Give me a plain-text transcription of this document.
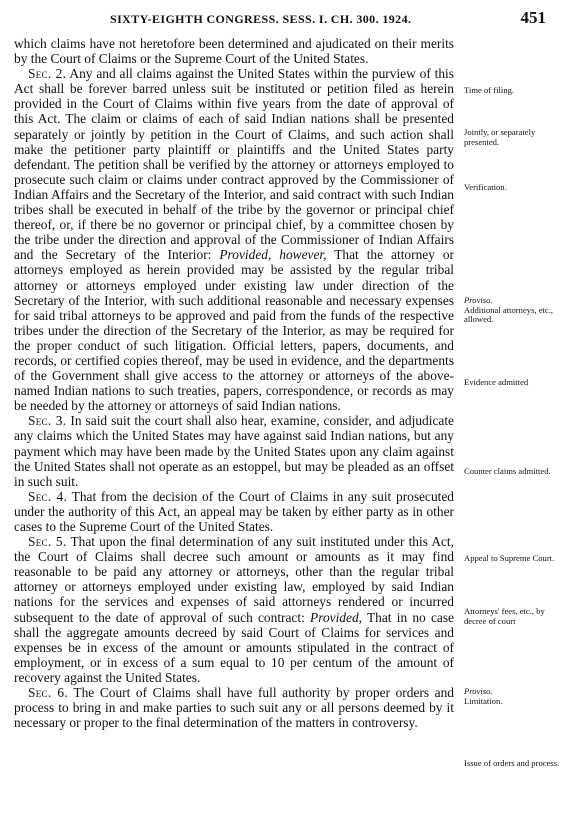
SIXTY-EIGHTH CONGRESS. SESS. I. CH. 300. 1924.	451

which claims have not heretofore been determined and ajudicated on their merits by the Court of Claims or the Supreme Court of the United States.

Sec. 2. Any and all claims against the United States within the purview of this Act shall be forever barred unless suit be instituted or petition filed as herein provided in the Court of Claims within five years from the date of approval of this Act. The claim or claims of each of said Indian nations shall be presented separately or jointly by petition in the Court of Claims, and such action shall make the petitioner party plaintiff or plaintiffs and the United States party defendant. The petition shall be verified by the attorney or attorneys employed to prosecute such claim or claims under contract approved by the Commissioner of Indian Affairs and the Secretary of the Interior, and said contract with such Indian tribes shall be executed in behalf of the tribe by the governor or principal chief thereof, or, if there be no governor or principal chief, by a committee chosen by the tribe under the direction and approval of the Commissioner of Indian Affairs and the Secretary of the Interior: Provided, however, That the attorney or attorneys employed as herein provided may be assisted by the regular tribal attorney or attorneys employed under existing law under direction of the Secretary of the Interior, with such additional reasonable and necessary expenses for said tribal attorneys to be approved and paid from the funds of the respective tribes under the direction of the Secretary of the Interior, as may be required for the proper conduct of such litigation. Official letters, papers, documents, and records, or certified copies thereof, may be used in evidence, and the departments of the Government shall give access to the attorney or attorneys of the above-named Indian nations to such treaties, papers, correspondence, or records as may be needed by the attorney or attorneys of said Indian nations.

Sec. 3. In said suit the court shall also hear, examine, consider, and adjudicate any claims which the United States may have against said Indian nations, but any payment which may have been made by the United States upon any claim against the United States shall not operate as an estoppel, but may be pleaded as an offset in such suit.

Sec. 4. That from the decision of the Court of Claims in any suit prosecuted under the authority of this Act, an appeal may be taken by either party as in other cases to the Supreme Court of the United States.

Sec. 5. That upon the final determination of any suit instituted under this Act, the Court of Claims shall decree such amount or amounts as it may find reasonable to be paid any attorney or attorneys, other than the regular tribal attorney or attorneys employed under existing law, employed by said Indian nations for the services and expenses of said attorneys rendered or incurred subsequent to the date of approval of such contract: Provided, That in no case shall the aggregate amounts decreed by said Court of Claims for services and expenses be in excess of the amount or amounts stipulated in the contract of employment, or in excess of a sum equal to 10 per centum of the amount of recovery against the United States.

Sec. 6. The Court of Claims shall have full authority by proper orders and process to bring in and make parties to such suit any or all persons deemed by it necessary or proper to the final determination of the matters in controversy.

Time of filing.
Jointly, or separately presented.
Verification.
Proviso.
Additional attorneys, etc., allowed.
Evidence admitted
Counter claims admitted.
Appeal to Supreme Court.
Attorneys' fees, etc., by decree of court
Proviso.
Limitation.
Issue of orders and process.
